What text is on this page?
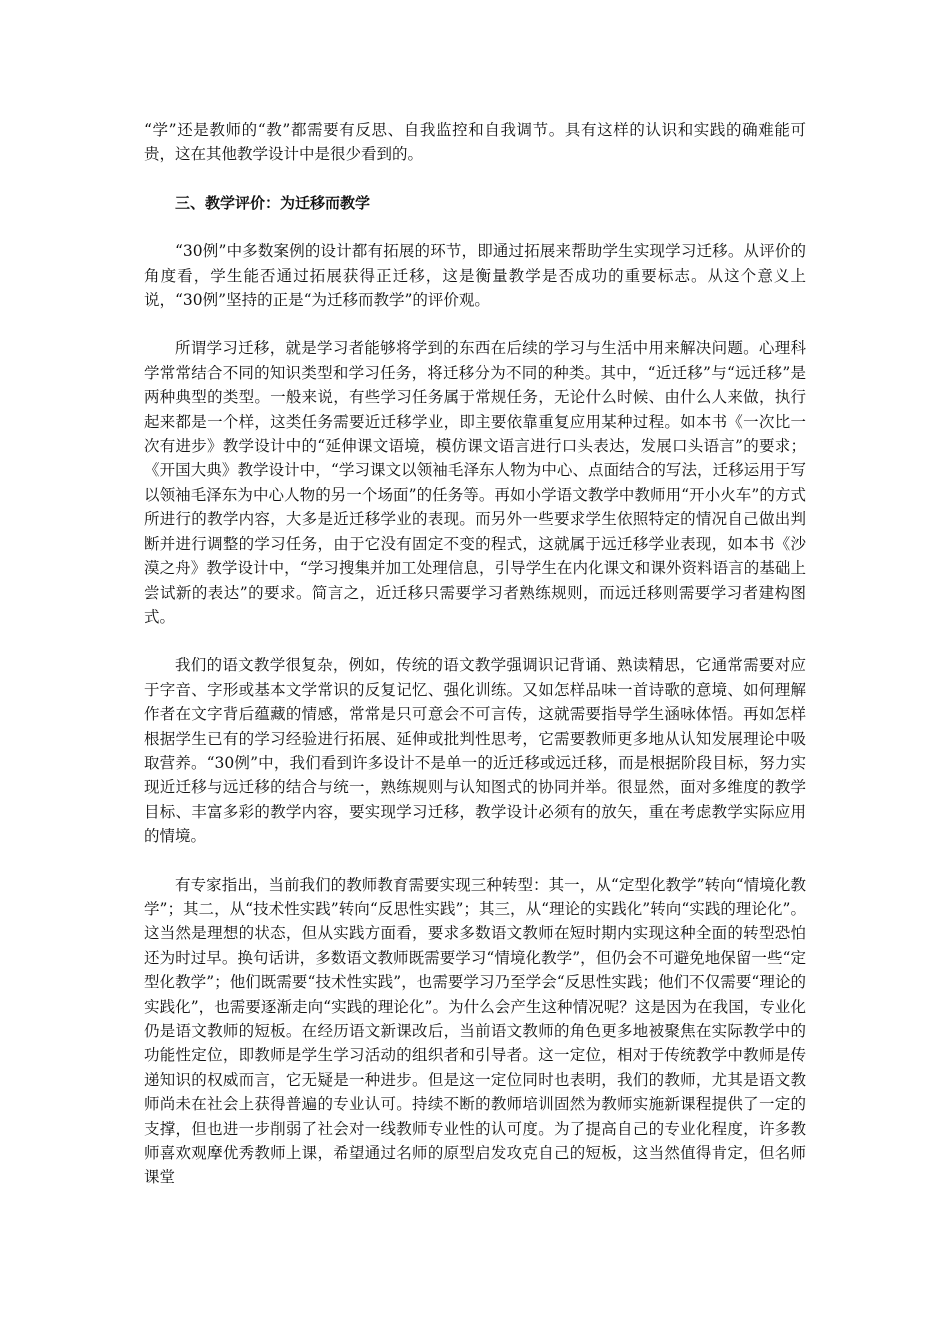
“学”还是教师的“教”都需要有反思、自我监控和自我调节。具有这样的认识和实践的确难能可贵，这在其他教学设计中是很少看到的。

三、教学评价：为迁移而教学

“30例”中多数案例的设计都有拓展的环节，即通过拓展来帮助学生实现学习迁移。从评价的角度看，学生能否通过拓展获得正迁移，这是衡量教学是否成功的重要标志。从这个意义上说，“30例”坚持的正是“为迁移而教学”的评价观。

所谓学习迁移，就是学习者能够将学到的东西在后续的学习与生活中用来解决问题。心理科学常常结合不同的知识类型和学习任务，将迁移分为不同的种类。其中，“近迁移”与“远迁移”是两种典型的类型。一般来说，有些学习任务属于常规任务，无论什么时候、由什么人来做，执行起来都是一个样，这类任务需要近迁移学业，即主要依靠重复应用某种过程。如本书《一次比一次有进步》教学设计中的“延伸课文语境，模仿课文语言进行口头表达，发展口头语言”的要求；《开国大典》教学设计中，“学习课文以领袖毛泽东人物为中心、点面结合的写法，迁移运用于写以领袖毛泽东为中心人物的另一个场面”的任务等。再如小学语文教学中教师用“开小火车”的方式所进行的教学内容，大多是近迁移学业的表现。而另外一些要求学生依照特定的情况自己做出判断并进行调整的学习任务，由于它没有固定不变的程式，这就属于远迁移学业表现，如本书《沙漠之舟》教学设计中，“学习搜集并加工处理信息，引导学生在内化课文和课外资料语言的基础上尝试新的表达”的要求。简言之，近迁移只需要学习者熟练规则，而远迁移则需要学习者建构图式。

我们的语文教学很复杂，例如，传统的语文教学强调识记背诵、熟读精思，它通常需要对应于字音、字形或基本文学常识的反复记忆、强化训练。又如怎样品味一首诗歌的意境、如何理解作者在文字背后蕴藏的情感，常常是只可意会不可言传，这就需要指导学生涵咏体悟。再如怎样根据学生已有的学习经验进行拓展、延伸或批判性思考，它需要教师更多地从认知发展理论中吸取营养。“30例”中，我们看到许多设计不是单一的近迁移或远迁移，而是根据阶段目标，努力实现近迁移与远迁移的结合与统一，熟练规则与认知图式的协同并举。很显然，面对多维度的教学目标、丰富多彩的教学内容，要实现学习迁移，教学设计必须有的放矢，重在考虑教学实际应用的情境。

有专家指出，当前我们的教师教育需要实现三种转型：其一，从“定型化教学”转向“情境化教学”；其二，从“技术性实践”转向“反思性实践”；其三，从“理论的实践化”转向“实践的理论化”。这当然是理想的状态，但从实践方面看，要求多数语文教师在短时期内实现这种全面的转型恐怕还为时过早。换句话讲，多数语文教师既需要学习“情境化教学”，但仍会不可避免地保留一些“定型化教学”；他们既需要“技术性实践”，也需要学习乃至学会“反思性实践；他们不仅需要“理论的实践化”，也需要逐渐走向“实践的理论化”。为什么会产生这种情况呢？这是因为在我国，专业化仍是语文教师的短板。在经历语文新课改后，当前语文教师的角色更多地被聚焦在实际教学中的功能性定位，即教师是学生学习活动的组织者和引导者。这一定位，相对于传统教学中教师是传递知识的权威而言，它无疑是一种进步。但是这一定位同时也表明，我们的教师，尤其是语文教师尚未在社会上获得普遍的专业认可。持续不断的教师培训固然为教师实施新课程提供了一定的支撑，但也进一步削弱了社会对一线教师专业性的认可度。为了提高自己的专业化程度，许多教师喜欢观摩优秀教师上课，希望通过名师的原型启发攻克自己的短板，这当然值得肯定，但名师课堂
